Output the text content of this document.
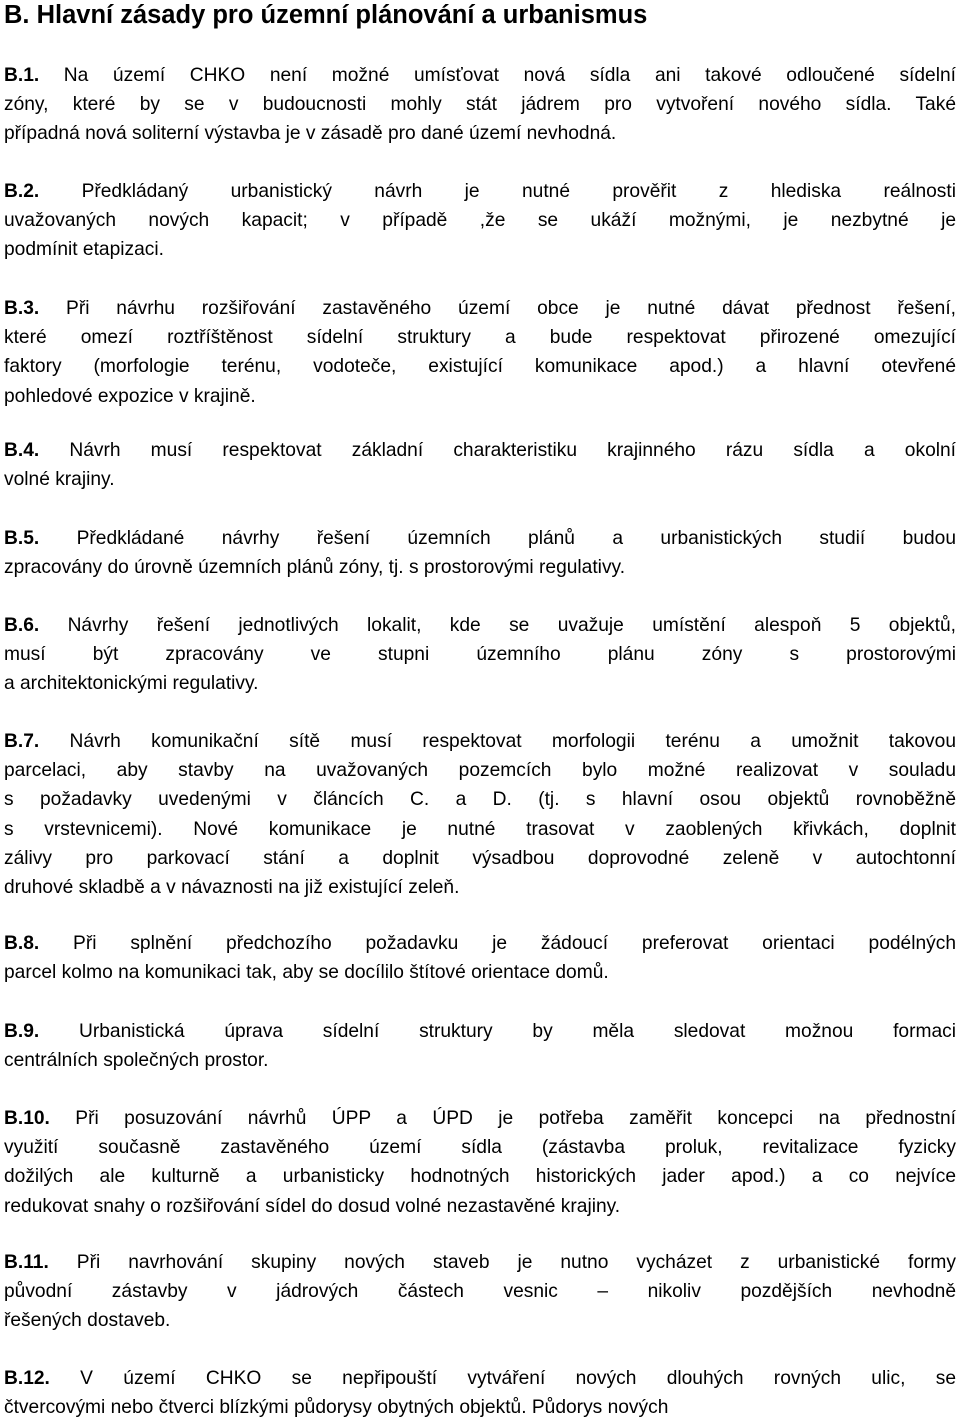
B. Hlavní zásady pro územní plánování a urbanismus
B.1. Na území CHKO není možné umísťovat nová sídla ani takové odloučené sídelní
zóny, které by se v budoucnosti mohly stát jádrem pro vytvoření nového sídla. Také
případná nová soliterní výstavba je v zásadě pro dané území nevhodná.
B.2. Předkládaný urbanistický návrh je nutné prověřit z hlediska reálnosti
uvažovaných nových kapacit; v případě ,že se ukáží možnými, je nezbytné je
podmínit etapizaci.
B.3. Při návrhu rozšiřování zastavěného území obce je nutné dávat přednost řešení,
které omezí roztříštěnost sídelní struktury a bude respektovat přirozené omezující
faktory (morfologie terénu, vodoteče, existující komunikace apod.) a hlavní otevřené
pohledové expozice v krajině.
B.4. Návrh musí respektovat základní charakteristiku krajinného rázu sídla a okolní
volné krajiny.
B.5. Předkládané návrhy řešení územních plánů a urbanistických studií budou
zpracovány do úrovně územních plánů zóny, tj. s prostorovými regulativy.
B.6. Návrhy řešení jednotlivých lokalit, kde se uvažuje umístění alespoň 5 objektů,
musí být zpracovány ve stupni územního plánu zóny s prostorovými
a architektonickými regulativy.
B.7. Návrh komunikační sítě musí respektovat morfologii terénu a umožnit takovou
parcelaci, aby stavby na uvažovaných pozemcích bylo možné realizovat v souladu
s požadavky uvedenými v článcích C. a D. (tj. s hlavní osou objektů rovnoběžně
s vrstevnicemi). Nové komunikace je nutné trasovat v zaoblených křivkách, doplnit
zálivy pro parkovací stání a doplnit výsadbou doprovodné zeleně v autochtonní
druhové skladbě a v návaznosti na již existující zeleň.
B.8. Při splnění předchozího požadavku je žádoucí preferovat orientaci podélných
parcel kolmo na komunikaci tak, aby se docílilo štítové orientace domů.
B.9. Urbanistická úprava sídelní struktury by měla sledovat možnou formaci
centrálních společných prostor.
B.10. Při posuzování návrhů ÚPP a ÚPD je potřeba zaměřit koncepci na přednostní
využití současně zastavěného území sídla (zástavba proluk, revitalizace fyzicky
dožilých ale kulturně a urbanisticky hodnotných historických jader apod.) a co nejvíce
redukovat snahy o rozšiřování sídel do dosud volné nezastavěné krajiny.
B.11. Při navrhování skupiny nových staveb je nutno vycházet z urbanistické formy
původní zástavby v jádrových částech vesnic – nikoliv pozdějších nevhodně
řešených dostaveb.
B.12. V území CHKO se nepřipouští vytváření nových dlouhých rovných ulic, se
čtvercovými nebo čtverci blízkými půdorysy obytných objektů. Půdorys nových
